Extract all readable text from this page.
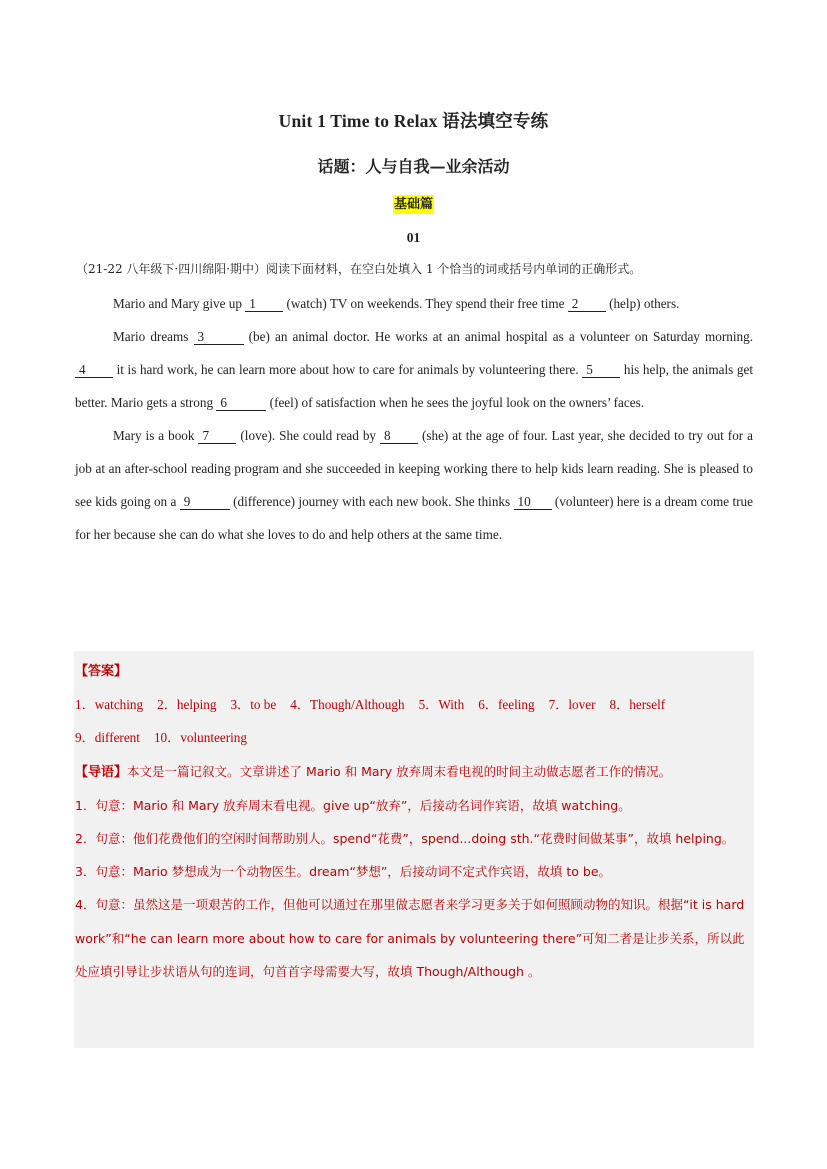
Unit 1 Time to Relax 语法填空专练
话题：人与自我—业余活动
基础篇
01
（21-22 八年级下·四川绵阳·期中）阅读下面材料，在空白处填入 1 个恰当的词或括号内单词的正确形式。

Mario and Mary give up 1 (watch) TV on weekends. They spend their free time 2 (help) others.

Mario dreams 3	(be) an animal doctor. He works at an animal hospital as a volunteer on Saturday morning. 4 it is hard work, he can learn more about how to care for animals by volunteering there. 5 his help, the animals get better. Mario gets a strong 6	(feel) of satisfaction when he sees the joyful look on the owners’ faces.

Mary is a book 7 (love). She could read by 8 (she) at the age of four. Last year, she decided to try out for a job at an after-school reading program and she succeeded in keeping working there to help kids learn reading. She is pleased to see kids going on a 9	(difference) journey with each new book. She thinks 10 (volunteer) here is a dream come true for her because she can do what she loves to do and help others at the same time.

【答案】
1．watching 2．helping 3．to be 4．Though/Although 5．With 6．feeling 7．lover 8．herself
9．different 10．volunteering
【导语】本文是一篇记叙文。文章讲述了 Mario 和 Mary 放弃周末看电视的时间主动做志愿者工作的情况。
1．句意：Mario 和 Mary 放弃周末看电视。give up“放弃”，后接动名词作宾语，故填 watching。
2．句意：他们花费他们的空闲时间帮助别人。spend“花费”，spend...doing sth.“花费时间做某事”，故填 helping。
3．句意：Mario 梦想成为一个动物医生。dream“梦想”，后接动词不定式作宾语，故填 to be。
4．句意：虽然这是一项艰苦的工作，但他可以通过在那里做志愿者来学习更多关于如何照顾动物的知识。根据“it is hard work”和“he can learn more about how to care for animals by volunteering there”可知二者是让步关系，所以此处应填引导让步状语从句的连词，句首首字母需要大写，故填 Though/Although 。
